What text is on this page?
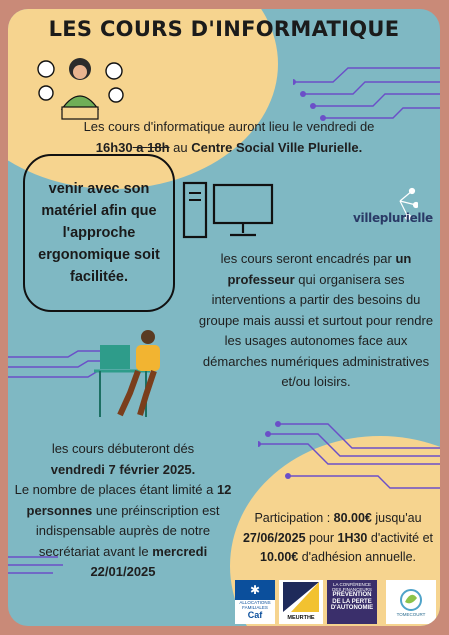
LES COURS D'INFORMATIQUE
Les cours d'informatique auront lieu le vendredi de
16h30 a 18h au Centre Social Ville Plurielle.
venir avec son matériel afin que l'approche ergonomique soit facilitée.
villeplurielle
les cours seront encadrés par un professeur qui organisera ses interventions a partir des besoins du groupe mais aussi et surtout pour rendre les usages autonomes face aux démarches numériques administratives et/ou loisirs.
les cours débuteront dés
vendredi 7 février 2025.
Le nombre de places étant limité a 12 personnes une préinscription est indispensable auprès de notre secrétariat avant le mercredi 22/01/2025
Participation : 80.00€ jusqu'au 27/06/2025 pour 1H30 d'activité et 10.00€ d'adhésion annuelle.
✱
ALLOCATIONS FAMILIALES
Caf	MEURTHE
LA CONFÉRENCE DES FINANCEURS
PRÉVENTION DE LA PERTE D'AUTONOMIE
TOMECOURT
